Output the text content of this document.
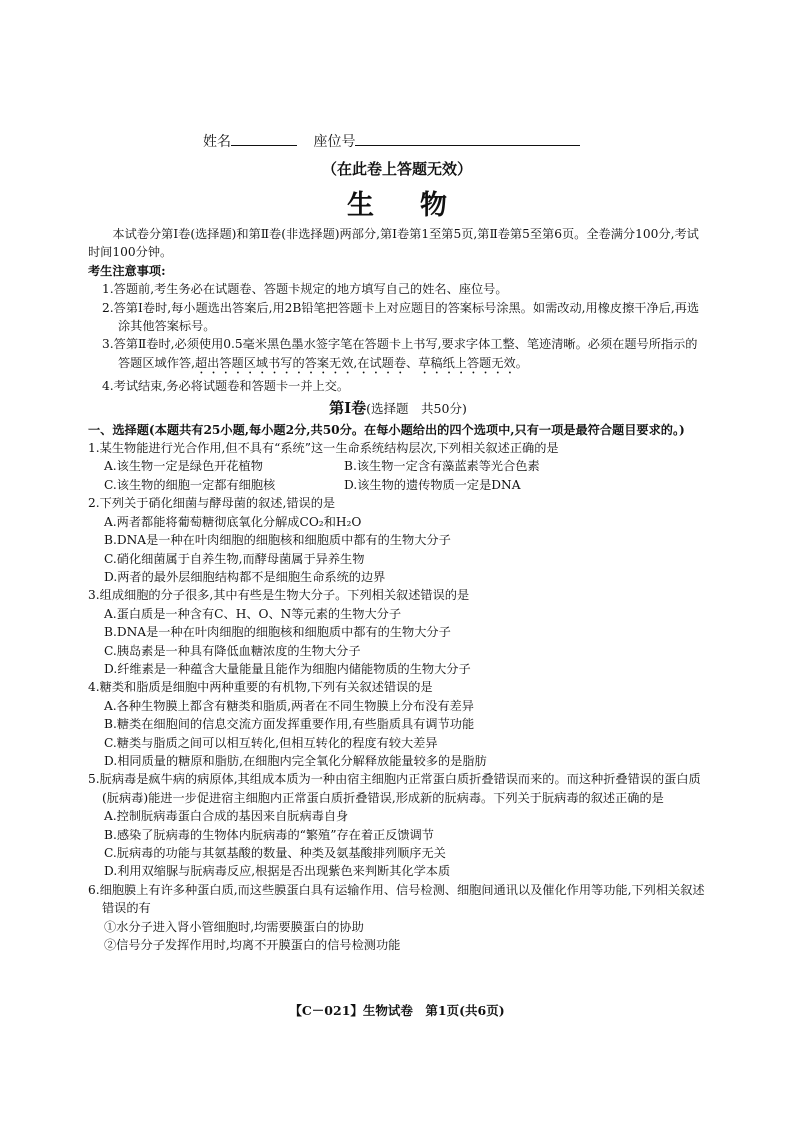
姓名	座位号
（在此卷上答题无效）
生物

本试卷分第Ⅰ卷(选择题)和第Ⅱ卷(非选择题)两部分,第Ⅰ卷第1至第5页,第Ⅱ卷第5至第6页。全卷满分100分,考试时间100分钟。

考生注意事项:

1.答题前,考生务必在试题卷、答题卡规定的地方填写自己的姓名、座位号。

2.答第Ⅰ卷时,每小题选出答案后,用2B铅笔把答题卡上对应题目的答案标号涂黑。如需改动,用橡皮擦干净后,再选涂其他答案标号。

3.答第Ⅱ卷时,必须使用0.5毫米黑色墨水签字笔在答题卡上书写,要求字体工整、笔迹清晰。必须在题号所指示的答题区域作答,超出答题区域书写的答案无效,在试题卷、草稿纸上答题无效。

4.考试结束,务必将试题卷和答题卡一并上交。

第Ⅰ卷(选择题　共50分)

一、选择题(本题共有25小题,每小题2分,共50分。在每小题给出的四个选项中,只有一项是最符合题目要求的。)

1.某生物能进行光合作用,但不具有“系统”这一生命系统结构层次,下列相关叙述正确的是

A.该生物一定是绿色开花植物	B.该生物一定含有藻蓝素等光合色素
C.该生物的细胞一定都有细胞核	D.该生物的遗传物质一定是DNA

2.下列关于硝化细菌与酵母菌的叙述,错误的是

A.两者都能将葡萄糖彻底氧化分解成CO₂和H₂O

B.DNA是一种在叶肉细胞的细胞核和细胞质中都有的生物大分子

C.硝化细菌属于自养生物,而酵母菌属于异养生物

D.两者的最外层细胞结构都不是细胞生命系统的边界

3.组成细胞的分子很多,其中有些是生物大分子。下列相关叙述错误的是

A.蛋白质是一种含有C、H、O、N等元素的生物大分子

B.DNA是一种在叶肉细胞的细胞核和细胞质中都有的生物大分子

C.胰岛素是一种具有降低血糖浓度的生物大分子

D.纤维素是一种蕴含大量能量且能作为细胞内储能物质的生物大分子

4.糖类和脂质是细胞中两种重要的有机物,下列有关叙述错误的是

A.各种生物膜上都含有糖类和脂质,两者在不同生物膜上分布没有差异

B.糖类在细胞间的信息交流方面发挥重要作用,有些脂质具有调节功能

C.糖类与脂质之间可以相互转化,但相互转化的程度有较大差异

D.相同质量的糖原和脂肪,在细胞内完全氧化分解释放能量较多的是脂肪

5.朊病毒是疯牛病的病原体,其组成本质为一种由宿主细胞内正常蛋白质折叠错误而来的。而这种折叠错误的蛋白质(朊病毒)能进一步促进宿主细胞内正常蛋白质折叠错误,形成新的朊病毒。下列关于朊病毒的叙述正确的是

A.控制朊病毒蛋白合成的基因来自朊病毒自身

B.感染了朊病毒的生物体内朊病毒的“繁殖”存在着正反馈调节

C.朊病毒的功能与其氨基酸的数量、种类及氨基酸排列顺序无关

D.利用双缩脲与朊病毒反应,根据是否出现紫色来判断其化学本质

6.细胞膜上有许多种蛋白质,而这些膜蛋白具有运输作用、信号检测、细胞间通讯以及催化作用等功能,下列相关叙述错误的有

①水分子进入肾小管细胞时,均需要膜蛋白的协助

②信号分子发挥作用时,均离不开膜蛋白的信号检测功能

【C－021】生物试卷　第1页(共6页)
